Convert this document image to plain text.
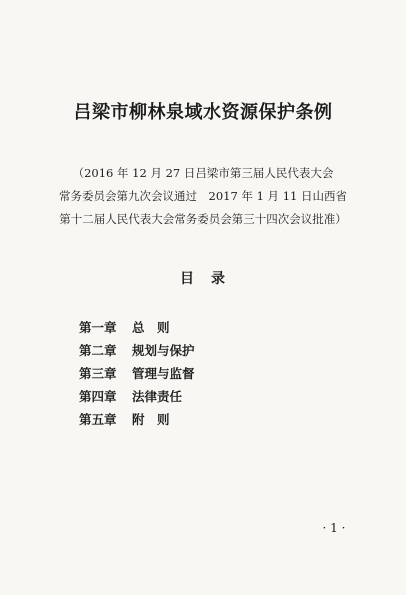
吕梁市柳林泉域水资源保护条例
（2016 年 12 月 27 日吕梁市第三届人民代表大会
常务委员会第九次会议通过　2017 年 1 月 11 日山西省
第十二届人民代表大会常务委员会第三十四次会议批准）
目 录
第一章 总　则
第二章 规划与保护
第三章 管理与监督
第四章 法律责任
第五章 附　则
· 1 ·
